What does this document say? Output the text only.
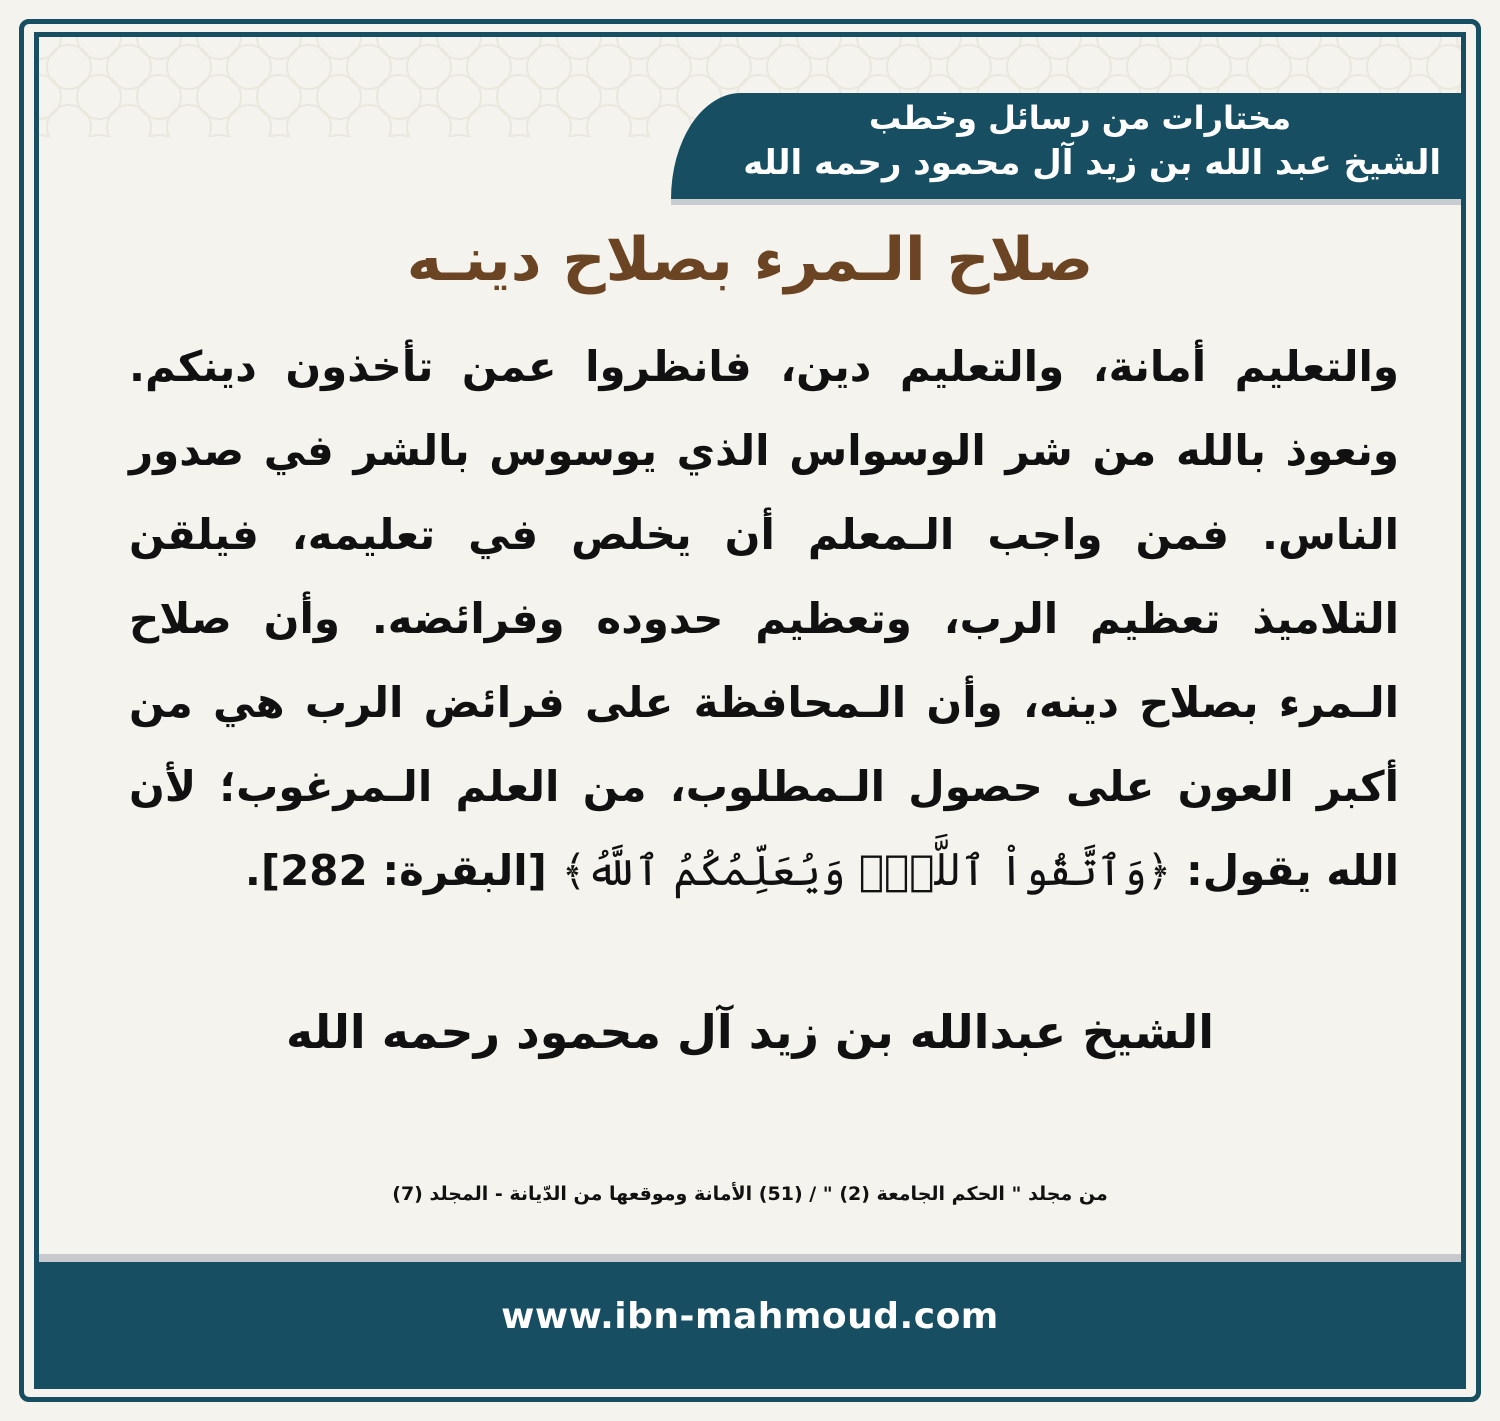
مختارات من رسائل وخطب
الشيخ عبد الله بن زيد آل محمود رحمه الله
صلاح الـمرء بصلاح دينـه
والتعليم أمانة، والتعليم دين، فانظروا عمن تأخذون دينكم. ونعوذ بالله من شر الوسواس الذي يوسوس بالشر في صدور الناس. فمن واجب الـمعلم أن يخلص في تعليمه، فيلقن التلاميذ تعظيم الرب، وتعظيم حدوده وفرائضه. وأن صلاح الـمرء بصلاح دينه، وأن الـمحافظة على فرائض الرب هي من أكبر العون على حصول الـمطلوب، من العلم الـمرغوب؛ لأن الله يقول: ﴿وَٱتَّقُواْ ٱللَّهَۖ وَيُعَلِّمُكُمُ ٱللَّهُ﴾ [البقرة: 282].
الشيخ عبدالله بن زيد آل محمود رحمه الله
من مجلد " الحكم الجامعة (2) " / (51) الأمانة وموقعها من الدّيانة - المجلد (7)
www.ibn-mahmoud.com
